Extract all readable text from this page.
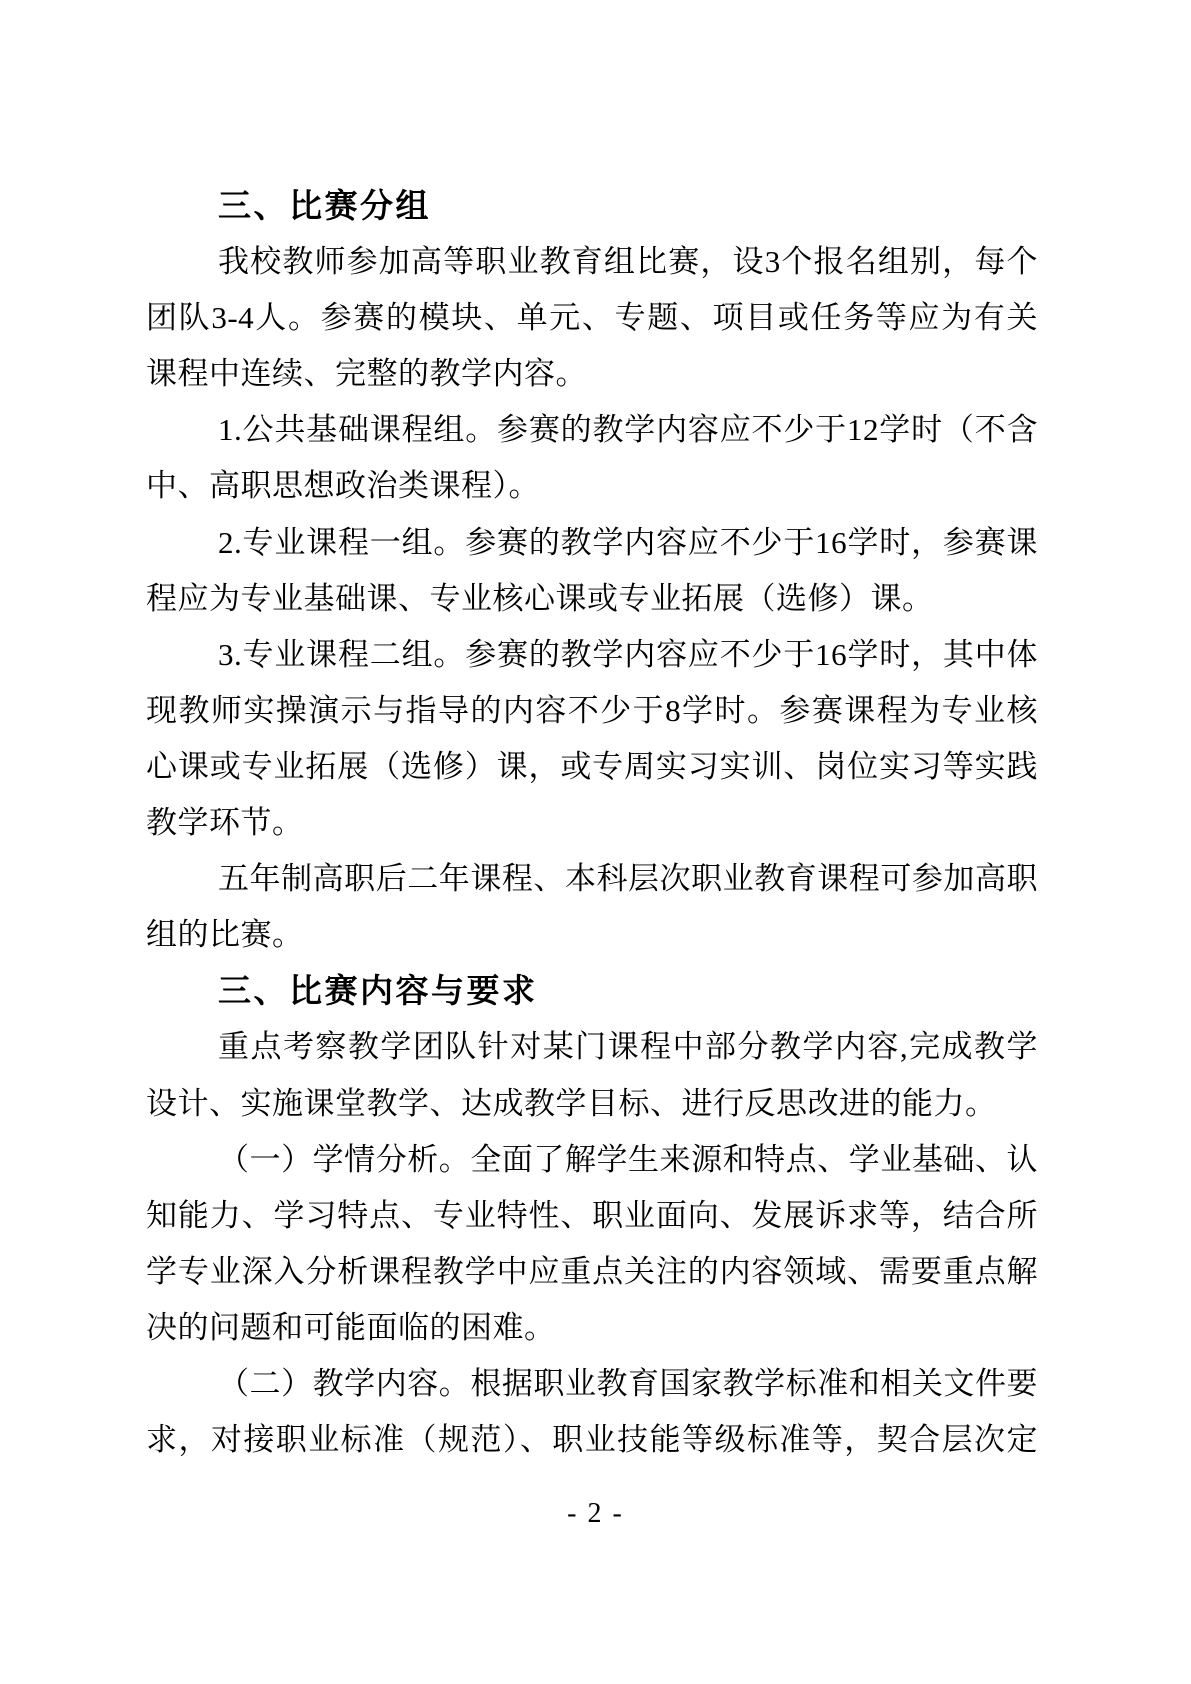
三、比赛分组
我校教师参加高等职业教育组比赛，设3个报名组别，每个
团队3-4人。参赛的模块、单元、专题、项目或任务等应为有关
课程中连续、完整的教学内容。
1.公共基础课程组。参赛的教学内容应不少于12学时（不含
中、高职思想政治类课程）。
2.专业课程一组。参赛的教学内容应不少于16学时，参赛课
程应为专业基础课、专业核心课或专业拓展（选修）课。
3.专业课程二组。参赛的教学内容应不少于16学时，其中体
现教师实操演示与指导的内容不少于8学时。参赛课程为专业核
心课或专业拓展（选修）课，或专周实习实训、岗位实习等实践
教学环节。
五年制高职后二年课程、本科层次职业教育课程可参加高职
组的比赛。
三、比赛内容与要求
重点考察教学团队针对某门课程中部分教学内容,完成教学
设计、实施课堂教学、达成教学目标、进行反思改进的能力。
（一）学情分析。全面了解学生来源和特点、学业基础、认
知能力、学习特点、专业特性、职业面向、发展诉求等，结合所
学专业深入分析课程教学中应重点关注的内容领域、需要重点解
决的问题和可能面临的困难。
（二）教学内容。根据职业教育国家教学标准和相关文件要
求，对接职业标准（规范）、职业技能等级标准等，契合层次定
- 2 -
